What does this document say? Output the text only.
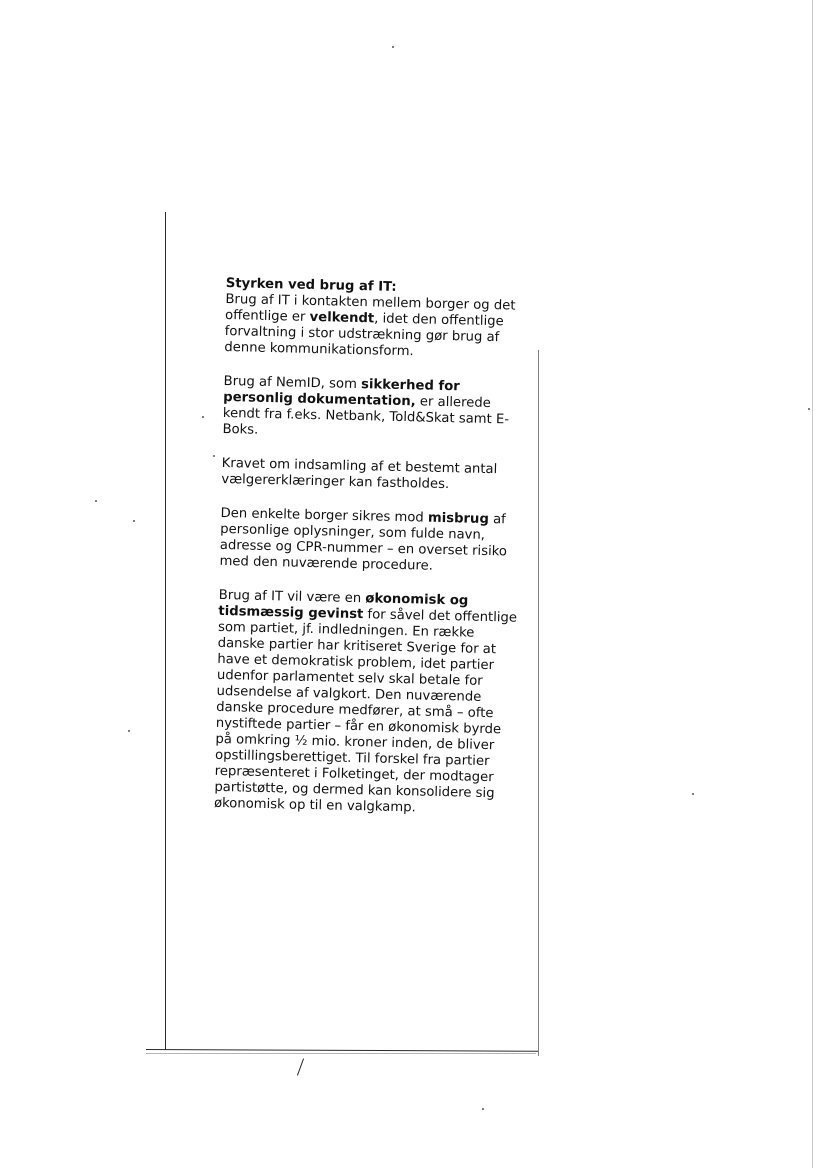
Styrken ved brug af IT:
Brug af IT i kontakten mellem borger og det offentlige er velkendt, idet den offentlige forvaltning i stor udstrækning gør brug af denne kommunikationsform.

Brug af NemID, som sikkerhed for personlig dokumentation, er allerede kendt fra f.eks. Netbank, Told&Skat samt E-Boks.

Kravet om indsamling af et bestemt antal vælgererklæringer kan fastholdes.

Den enkelte borger sikres mod misbrug af personlige oplysninger, som fulde navn, adresse og CPR-nummer – en overset risiko med den nuværende procedure.

Brug af IT vil være en økonomisk og tidsmæssig gevinst for såvel det offentlige som partiet, jf. indledningen. En række danske partier har kritiseret Sverige for at have et demokratisk problem, idet partier udenfor parlamentet selv skal betale for udsendelse af valgkort. Den nuværende danske procedure medfører, at små – ofte nystiftede partier – får en økonomisk byrde på omkring ½ mio. kroner inden, de bliver opstillingsberettiget. Til forskel fra partier repræsenteret i Folketinget, der modtager partistøtte, og dermed kan konsolidere sig økonomisk op til en valgkamp.
